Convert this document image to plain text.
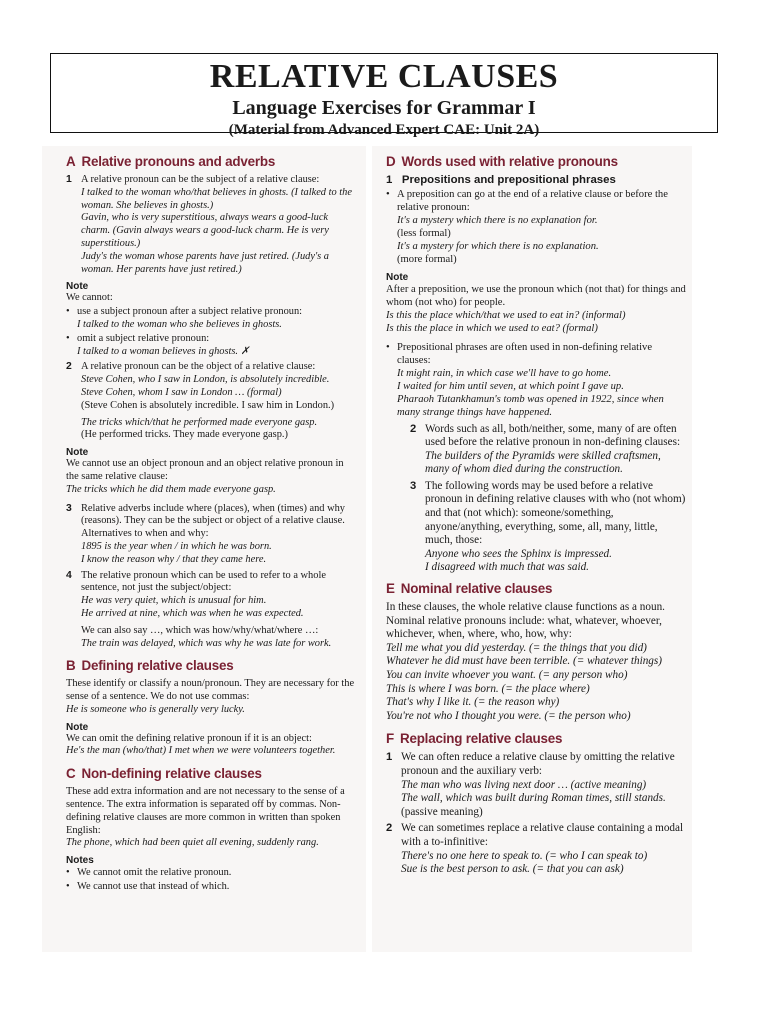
RELATIVE CLAUSES
Language Exercises for Grammar I
(Material from Advanced Expert CAE: Unit 2A)
A Relative pronouns and adverbs
1 A relative pronoun can be the subject of a relative clause:

I talked to the woman who/that believes in ghosts. (I talked to the woman. She believes in ghosts.)

Gavin, who is very superstitious, always wears a good-luck charm. (Gavin always wears a good-luck charm. He is very superstitious.)

Judy's the woman whose parents have just retired. (Judy's a woman. Her parents have just retired.)

Note

We cannot:

• use a subject pronoun after a subject relative pronoun:

I talked to the woman who she believes in ghosts.

• omit a subject relative pronoun:

I talked to a woman believes in ghosts. ✗

2 A relative pronoun can be the object of a relative clause:

Steve Cohen, who I saw in London, is absolutely incredible.

Steve Cohen, whom I saw in London … (formal)

(Steve Cohen is absolutely incredible. I saw him in London.)

The tricks which/that he performed made everyone gasp.

(He performed tricks. They made everyone gasp.)

Note

We cannot use an object pronoun and an object relative pronoun in the same relative clause:

The tricks which he did them made everyone gasp.

3 Relative adverbs include where (places), when (times) and why (reasons). They can be the subject or object of a relative clause. Alternatives to when and why:

1895 is the year when / in which he was born.

I know the reason why / that they came here.

4 The relative pronoun which can be used to refer to a whole sentence, not just the subject/object:

He was very quiet, which is unusual for him.

He arrived at nine, which was when he was expected.

We can also say …, which was how/why/what/where …:

The train was delayed, which was why he was late for work.

B Defining relative clauses

These identify or classify a noun/pronoun. They are necessary for the sense of a sentence. We do not use commas:

He is someone who is generally very lucky.

Note

We can omit the defining relative pronoun if it is an object:

He's the man (who/that) I met when we were volunteers together.

C Non-defining relative clauses

These add extra information and are not necessary to the sense of a sentence. The extra information is separated off by commas. Non-defining relative clauses are more common in written than spoken English:

The phone, which had been quiet all evening, suddenly rang.

Notes
• We cannot omit the relative pronoun.

• We cannot use that instead of which.

D Words used with relative pronouns
1   Prepositions and prepositional phrases
• A preposition can go at the end of a relative clause or before the relative pronoun:

It's a mystery which there is no explanation for.

(less formal)

It's a mystery for which there is no explanation.

(more formal)

Note

After a preposition, we use the pronoun which (not that) for things and whom (not who) for people.

Is this the place which/that we used to eat in? (informal)

Is this the place in which we used to eat? (formal)

• Prepositional phrases are often used in non-defining relative clauses:

It might rain, in which case we'll have to go home.

I waited for him until seven, at which point I gave up.

Pharaoh Tutankhamun's tomb was opened in 1922, since when many strange things have happened.

2 Words such as all, both/neither, some, many of are often used before the relative pronoun in non-defining clauses:

The builders of the Pyramids were skilled craftsmen, many of whom died during the construction.

3 The following words may be used before a relative pronoun in defining relative clauses with who (not whom) and that (not which): someone/something, anyone/anything, everything, some, all, many, little, much, those:

Anyone who sees the Sphinx is impressed.

I disagreed with much that was said.

E Nominal relative clauses

In these clauses, the whole relative clause functions as a noun. Nominal relative pronouns include: what, whatever, whoever, whichever, when, where, who, how, why:

Tell me what you did yesterday. (= the things that you did)

Whatever he did must have been terrible. (= whatever things)

You can invite whoever you want. (= any person who)

This is where I was born. (= the place where)

That's why I like it. (= the reason why)

You're not who I thought you were. (= the person who)

F Replacing relative clauses
1 We can often reduce a relative clause by omitting the relative pronoun and the auxiliary verb:

The man who was living next door … (active meaning)

The wall, which was built during Roman times, still stands.

(passive meaning)

2 We can sometimes replace a relative clause containing a modal with a to-infinitive:

There's no one here to speak to. (= who I can speak to)

Sue is the best person to ask. (= that you can ask)
